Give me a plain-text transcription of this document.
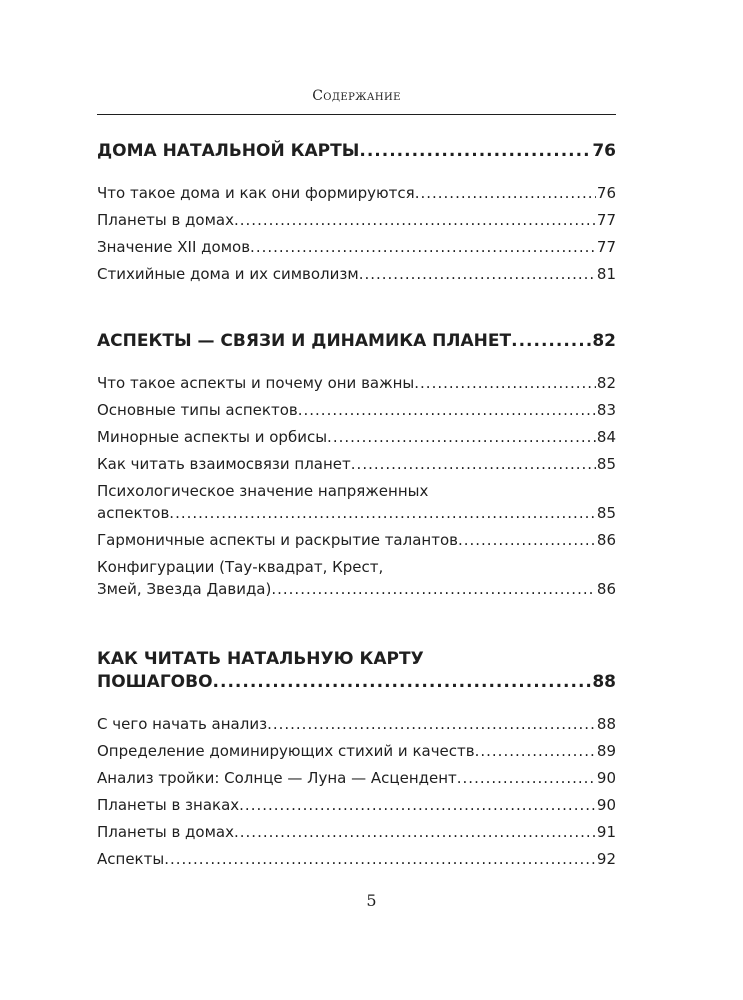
Содержание
ДОМА НАТАЛЬНОЙ КАРТЫ .....	76
Что такое дома и как они формируются .....	76
Планеты в домах .....	77
Значение XII домов .....	77
Стихийные дома и их символизм .....	81
АСПЕКТЫ — СВЯЗИ И ДИНАМИКА ПЛАНЕТ .....	82
Что такое аспекты и почему они важны .....	82
Основные типы аспектов .....	83
Минорные аспекты и орбисы .....	84
Как читать взаимосвязи планет .....	85
Психологическое значение напряженных
аспектов .....	85
Гармоничные аспекты и раскрытие талантов .....	86
Конфигурации (Тау-квадрат, Крест,
Змей, Звезда Давида) .....	86
КАК ЧИТАТЬ НАТАЛЬНУЮ КАРТУ
ПОШАГОВО .....	88
С чего начать анализ .....	88
Определение доминирующих стихий и качеств .....	89
Анализ тройки: Солнце — Луна — Асцендент .....	90
Планеты в знаках .....	90
Планеты в домах .....	91
Аспекты .....	92
5
